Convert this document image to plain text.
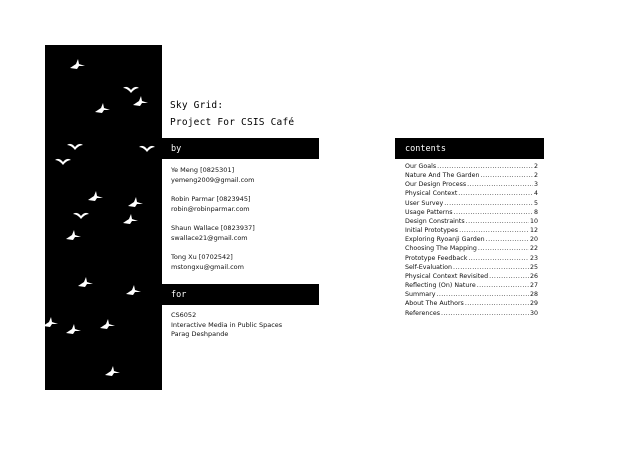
Sky Grid:
Project For CSIS Café
by
Ye Meng [0825301]
yemeng2009@gmail.com
Robin Parmar [0823945]
robin@robinparmar.com
Shaun Wallace [0823937]
swallace21@gmail.com
Tong Xu [0702542]
mstongxu@gmail.com
for
CS6052
Interactive Media in Public Spaces
Parag Deshpande
contents
Our Goals .....	2
Nature And The Garden .....	2
Our Design Process .....	3
Physical Context .....	4
User Survey .....	5
Usage Patterns .....	8
Design Constraints .....	10
Initial Prototypes .....	12
Exploring Ryoanji Garden .....	20
Choosing The Mapping .....	22
Prototype Feedback .....	23
Self-Evaluation .....	25
Physical Context Revisited .....	26
Reflecting (On) Nature .....	27
Summary .....	28
About The Authors .....	29
References .....	30
